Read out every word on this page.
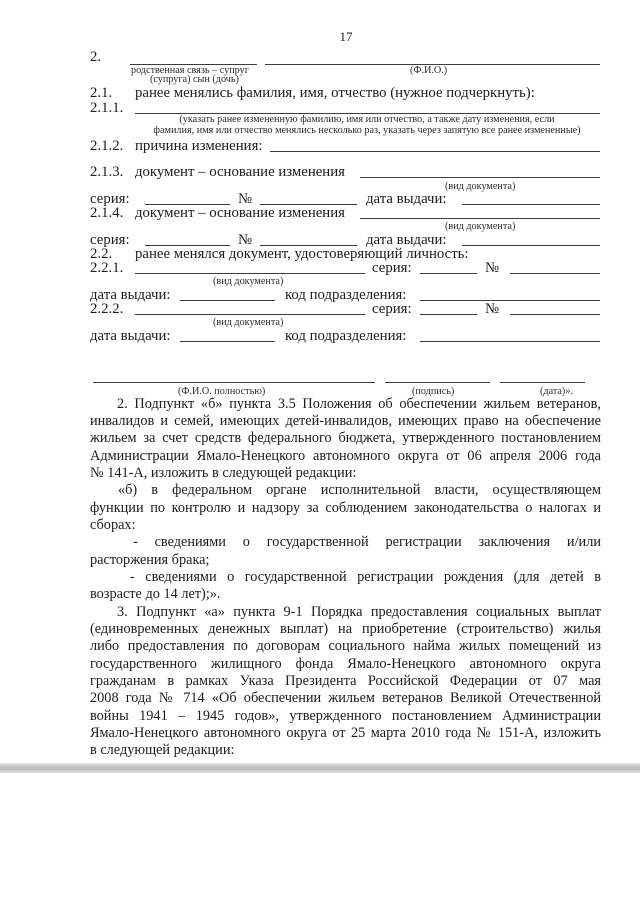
17
2.
родственная связь – супруг	(Ф.И.О.)
(супруга) сын (дочь)
2.1. ранее менялись фамилия, имя, отчество (нужное подчеркнуть):
2.1.1.
(указать ранее измененную фамилию, имя или отчество, а также дату изменения, если
фамилия, имя или отчество менялись несколько раз, указать через запятую все ранее измененные)
2.1.2. причина изменения:
2.1.3. документ – основание изменения
(вид документа)
серия:	№	дата выдачи:
2.1.4. документ – основание изменения
(вид документа)
серия:	№	дата выдачи:
2.2. ранее менялся документ, удостоверяющий личность:
2.2.1.	серия:	№
(вид документа)
дата выдачи:	код подразделения:
2.2.2.	серия:	№
(вид документа)
дата выдачи:	код подразделения:
(Ф.И.О. полностью)	(подпись)	(дата)».
2. Подпункт «б» пункта 3.5 Положения об обеспечении жильем ветеранов,
инвалидов и семей, имеющих детей-инвалидов, имеющих право на обеспечение
жильем за счет средств федерального бюджета, утвержденного постановлением
Администрации Ямало-Ненецкого автономного округа от 06 апреля 2006 года
№ 141-А, изложить в следующей редакции:
«б) в федеральном органе исполнительной власти, осуществляющем
функции по контролю и надзору за соблюдением законодательства о налогах и
сборах:
- сведениями о государственной регистрации заключения и/или
расторжения брака;
- сведениями о государственной регистрации рождения (для детей в
возрасте до 14 лет);».
3. Подпункт «а» пункта 9-1 Порядка предоставления социальных выплат
(единовременных денежных выплат) на приобретение (строительство) жилья
либо предоставления по договорам социального найма жилых помещений из
государственного жилищного фонда Ямало-Ненецкого автономного округа
гражданам в рамках Указа Президента Российской Федерации от 07 мая
2008 года № 714 «Об обеспечении жильем ветеранов Великой Отечественной
войны 1941 – 1945 годов», утвержденного постановлением Администрации
Ямало-Ненецкого автономного округа от 25 марта 2010 года № 151-А, изложить
в следующей редакции:
